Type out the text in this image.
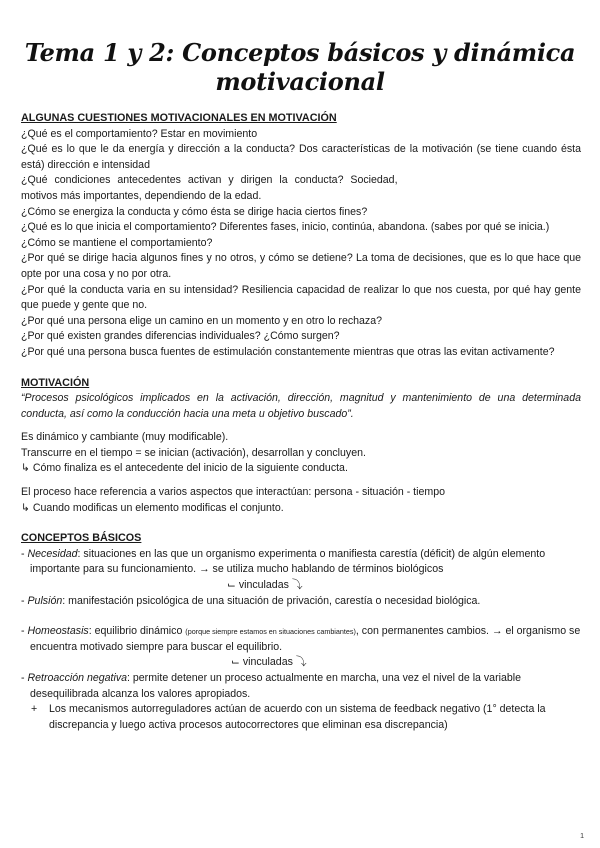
Tema 1 y 2: Conceptos básicos y dinámica motivacional

ALGUNAS CUESTIONES MOTIVACIONALES EN MOTIVACIÓN

¿Qué es el comportamiento? Estar en movimiento

¿Qué es lo que le da energía y dirección a la conducta? Dos características de la motivación (se tiene cuando ésta está) dirección e intensidad

¿Qué condiciones antecedentes activan y dirigen la conducta? Sociedad,

motivos más importantes, dependiendo de la edad.

¿Cómo se energiza la conducta y cómo ésta se dirige hacia ciertos fines?

¿Qué es lo que inicia el comportamiento? Diferentes fases, inicio, continúa, abandona. (sabes por qué se inicia.)

¿Cómo se mantiene el comportamiento?

¿Por qué se dirige hacia algunos fines y no otros, y cómo se detiene? La toma de decisiones, que es lo que hace que opte por una cosa y no por otra.

¿Por qué la conducta varia en su intensidad? Resiliencia capacidad de realizar lo que nos cuesta, por qué hay gente que puede y gente que no.

¿Por qué una persona elige un camino en un momento y en otro lo rechaza?

¿Por qué existen grandes diferencias individuales? ¿Cómo surgen?

¿Por qué una persona busca fuentes de estimulación constantemente mientras que otras las evitan activamente?

MOTIVACIÓN

“Procesos psicológicos implicados en la activación, dirección, magnitud y mantenimiento de una determinada conducta, así como la conducción hacia una meta u objetivo buscado”.

Es dinámico y cambiante (muy modificable).

Transcurre en el tiempo = se inician (activación), desarrollan y concluyen.

↳ Cómo finaliza es el antecedente del inicio de la siguiente conducta.

El proceso hace referencia a varios aspectos que interactúan: persona - situación - tiempo

↳ Cuando modificas un elemento modificas el conjunto.

CONCEPTOS BÁSICOS

- Necesidad: situaciones en las que un organismo experimenta o manifiesta carestía (déficit) de algún elemento importante para su funcionamiento. → se utiliza mucho hablando de términos biológicos

⌙ vinculadas ⤵

- Pulsión: manifestación psicológica de una situación de privación, carestía o necesidad biológica.

- Homeostasis: equilibrio dinámico (porque siempre estamos en situaciones cambiantes), con permanentes cambios. → el organismo se encuentra motivado siempre para buscar el equilibrio.

⌙ vinculadas ⤵

- Retroacción negativa: permite detener un proceso actualmente en marcha, una vez el nivel de la variable desequilibrada alcanza los valores apropiados.

+	Los mecanismos autorreguladores actúan de acuerdo con un sistema de feedback negativo (1° detecta la discrepancia y luego activa procesos autocorrectores que eliminan esa discrepancia)
1
